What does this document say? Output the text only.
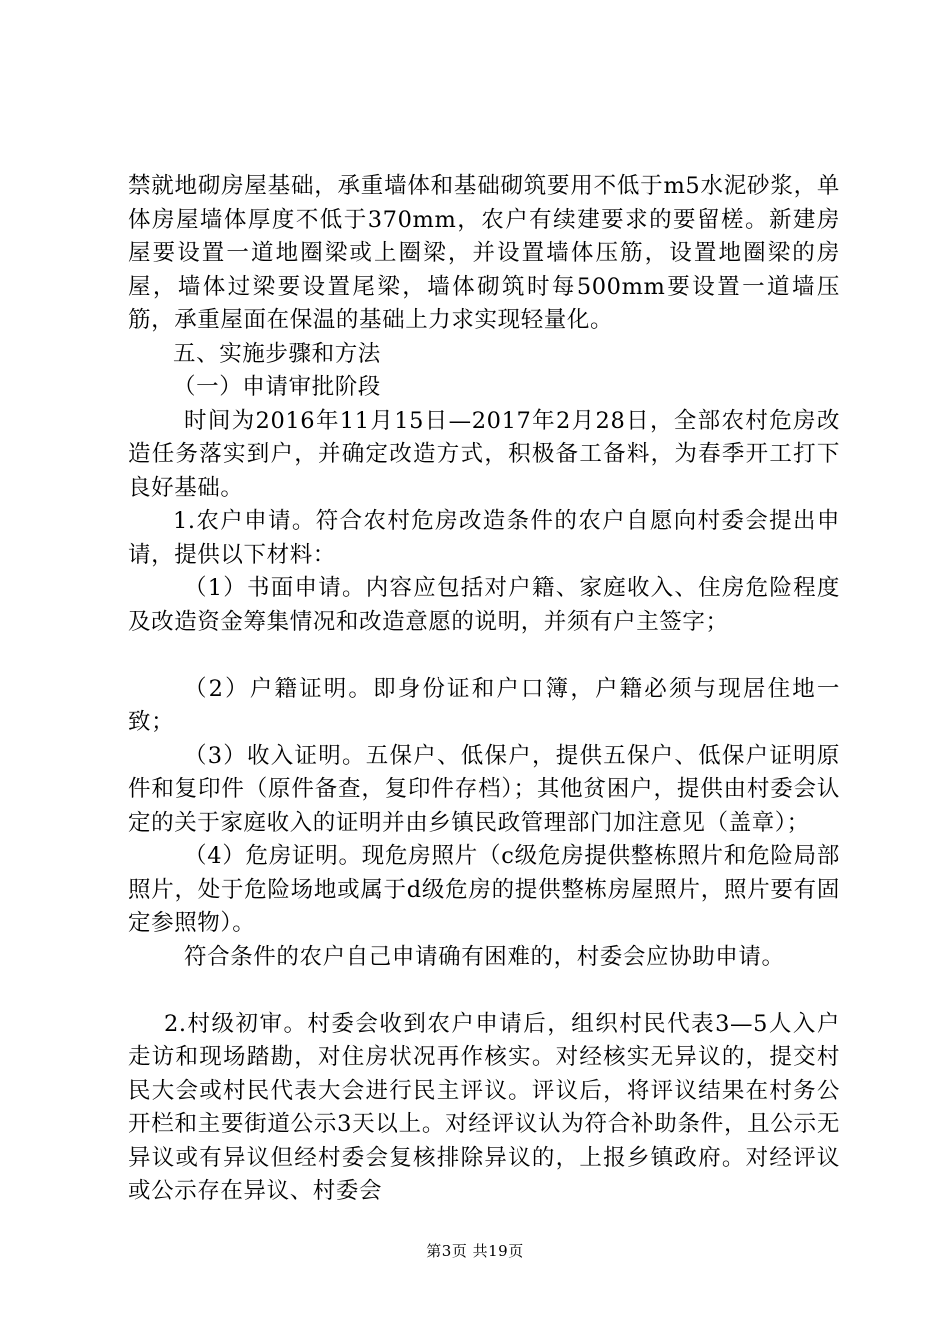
禁就地砌房屋基础，承重墙体和基础砌筑要用不低于m5水泥砂浆，单体房屋墙体厚度不低于370mm，农户有续建要求的要留槎。新建房屋要设置一道地圈梁或上圈梁，并设置墙体压筋，设置地圈梁的房屋，墙体过梁要设置尾梁，墙体砌筑时每500mm要设置一道墙压筋，承重屋面在保温的基础上力求实现轻量化。

五、实施步骤和方法

（一）申请审批阶段

时间为2016年11月15日—2017年2月28日，全部农村危房改造任务落实到户，并确定改造方式，积极备工备料，为春季开工打下良好基础。

1.农户申请。符合农村危房改造条件的农户自愿向村委会提出申请，提供以下材料：

（1）书面申请。内容应包括对户籍、家庭收入、住房危险程度及改造资金筹集情况和改造意愿的说明，并须有户主签字；

（2）户籍证明。即身份证和户口簿，户籍必须与现居住地一致；

（3）收入证明。五保户、低保户，提供五保户、低保户证明原件和复印件（原件备查，复印件存档）；其他贫困户，提供由村委会认定的关于家庭收入的证明并由乡镇民政管理部门加注意见（盖章）；

（4）危房证明。现危房照片（c级危房提供整栋照片和危险局部照片，处于危险场地或属于d级危房的提供整栋房屋照片，照片要有固定参照物）。

符合条件的农户自己申请确有困难的，村委会应协助申请。

2.村级初审。村委会收到农户申请后，组织村民代表3—5人入户走访和现场踏勘，对住房状况再作核实。对经核实无异议的，提交村民大会或村民代表大会进行民主评议。评议后，将评议结果在村务公开栏和主要街道公示3天以上。对经评议认为符合补助条件，且公示无异议或有异议但经村委会复核排除异议的，上报乡镇政府。对经评议或公示存在异议、村委会

第3页 共19页
